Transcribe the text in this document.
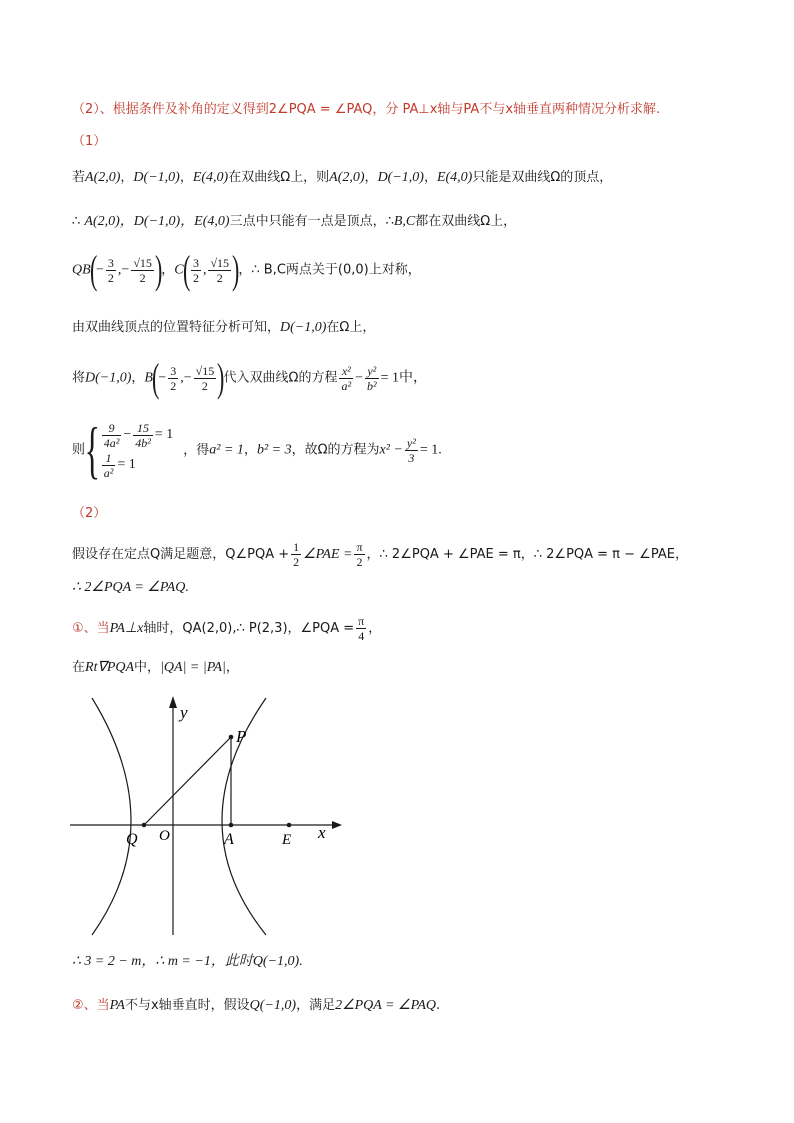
（2）、根据条件及补角的定义得到2∠PQA = ∠PAQ，分 PA⊥x轴与PA不与x轴垂直两种情况分析求解.
（1）
若A(2,0)，D(−1,0)，E(4,0)在双曲线Ω上，则A(2,0)，D(−1,0)，E(4,0)只能是双曲线Ω的顶点，
∴ A(2,0)，D(−1,0)，E(4,0)三点中只能有一点是顶点，∴B,C都在双曲线Ω上，
$QB(- \frac{3}{2}$ ,− $\frac{√15}{2}$ )，$C( \frac{3}{2}$ , $\frac{√15}{2}$ )，∴ B,C两点关于(0,0)上对称，
由双曲线顶点的位置特征分析可知，D(−1,0)在Ω上，
将D(−1,0)，$B(- \frac{3}{2}$ ,− $\frac{√15}{2}$ )代入双曲线Ω的方程 $\frac{\text{x²}}{\text{a²}} - \frac{\text{y²}}{\text{b²}} = 1$中，
则{ $\frac{9}{\text{4a²}} - \frac{15}{\text{4b²}} = 1$
$\frac{1}{\text{a²}} = 1$
，得a² = 1，b² = 3，故Ω的方程为$x^2 - \frac{\text{y²}}{3} = 1$.
（2）
假设存在定点Q满足题意，Q∠PQA + $\frac{1}{2}$ ∠PAE = $\frac{\pi}{2}$ ，∴ 2∠PQA + ∠PAE = π，∴ 2∠PQA = π − ∠PAE，
∴ 2∠PQA = ∠PAQ.
①、当PA⊥x轴时，QA(2,0),∴ P(2,3)，∠PQA = $\frac{\pi}{4}$ ，
在Rt∇PQA中，|QA| = |PA|，
y
x
P
Q O	A	E
∴ 3 = 2 − m，∴ m = −1，此时Q(−1,0).
②、当PA不与x轴垂直时，假设Q(−1,0)，满足2∠PQA = ∠PAQ.
